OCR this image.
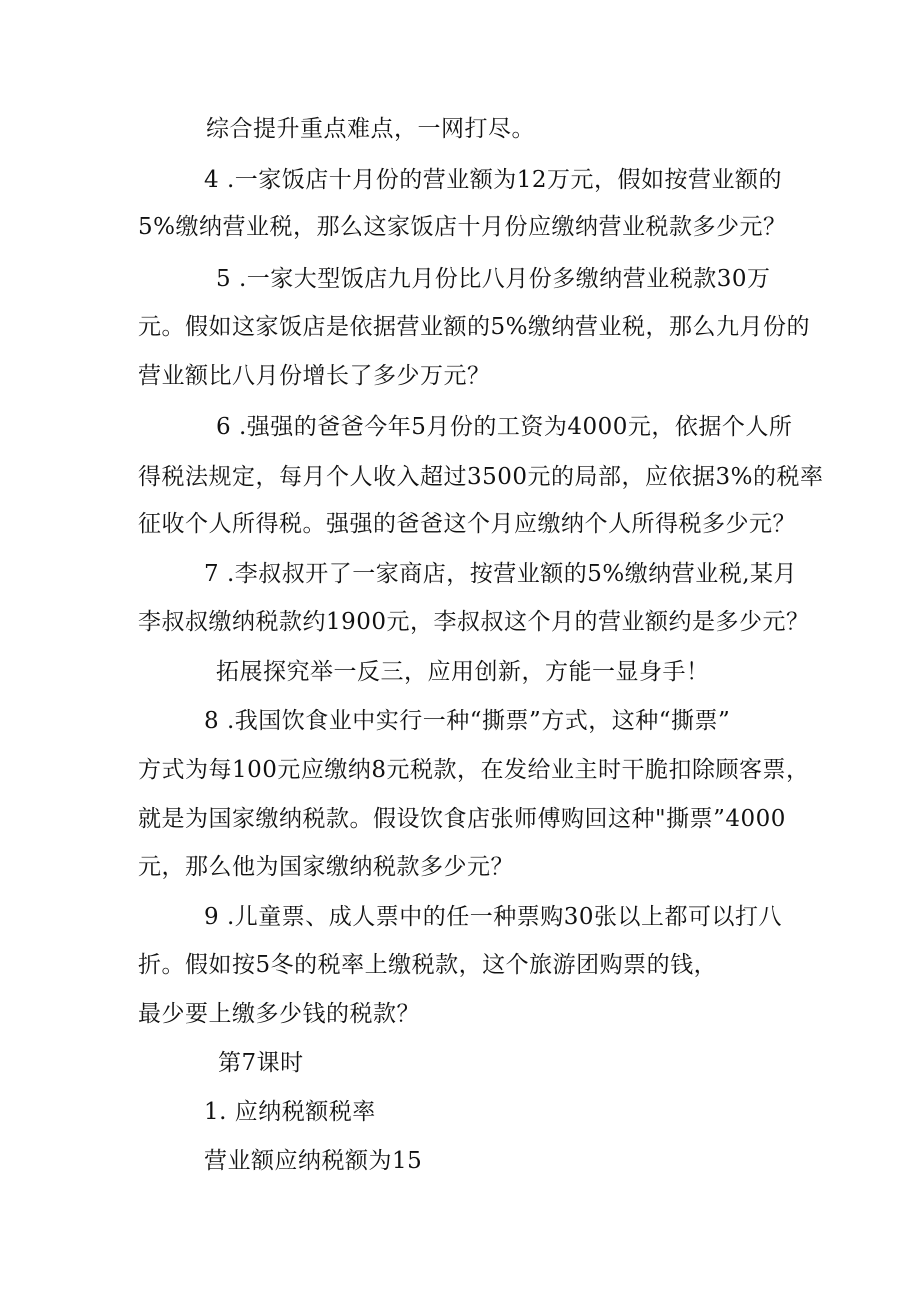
综合提升重点难点，一网打尽。

4 .一家饭店十月份的营业额为12万元，假如按营业额的

5%缴纳营业税，那么这家饭店十月份应缴纳营业税款多少元？

5 .一家大型饭店九月份比八月份多缴纳营业税款30万

元。假如这家饭店是依据营业额的5%缴纳营业税，那么九月份的

营业额比八月份增长了多少万元？

6 .强强的爸爸今年5月份的工资为4000元，依据个人所

得税法规定，每月个人收入超过3500元的局部，应依据3%的税率

征收个人所得税。强强的爸爸这个月应缴纳个人所得税多少元？

7 .李叔叔开了一家商店，按营业额的5%缴纳营业税,某月

李叔叔缴纳税款约1900元，李叔叔这个月的营业额约是多少元？

拓展探究举一反三，应用创新，方能一显身手！

8 .我国饮食业中实行一种“撕票”方式，这种“撕票”

方式为每100元应缴纳8元税款，在发给业主时干脆扣除顾客票，

就是为国家缴纳税款。假设饮食店张师傅购回这种"撕票”4000

元，那么他为国家缴纳税款多少元？

9 .儿童票、成人票中的任一种票购30张以上都可以打八

折。假如按5冬的税率上缴税款，这个旅游团购票的钱，

最少要上缴多少钱的税款？

第7课时

1. 应纳税额税率

营业额应纳税额为15
